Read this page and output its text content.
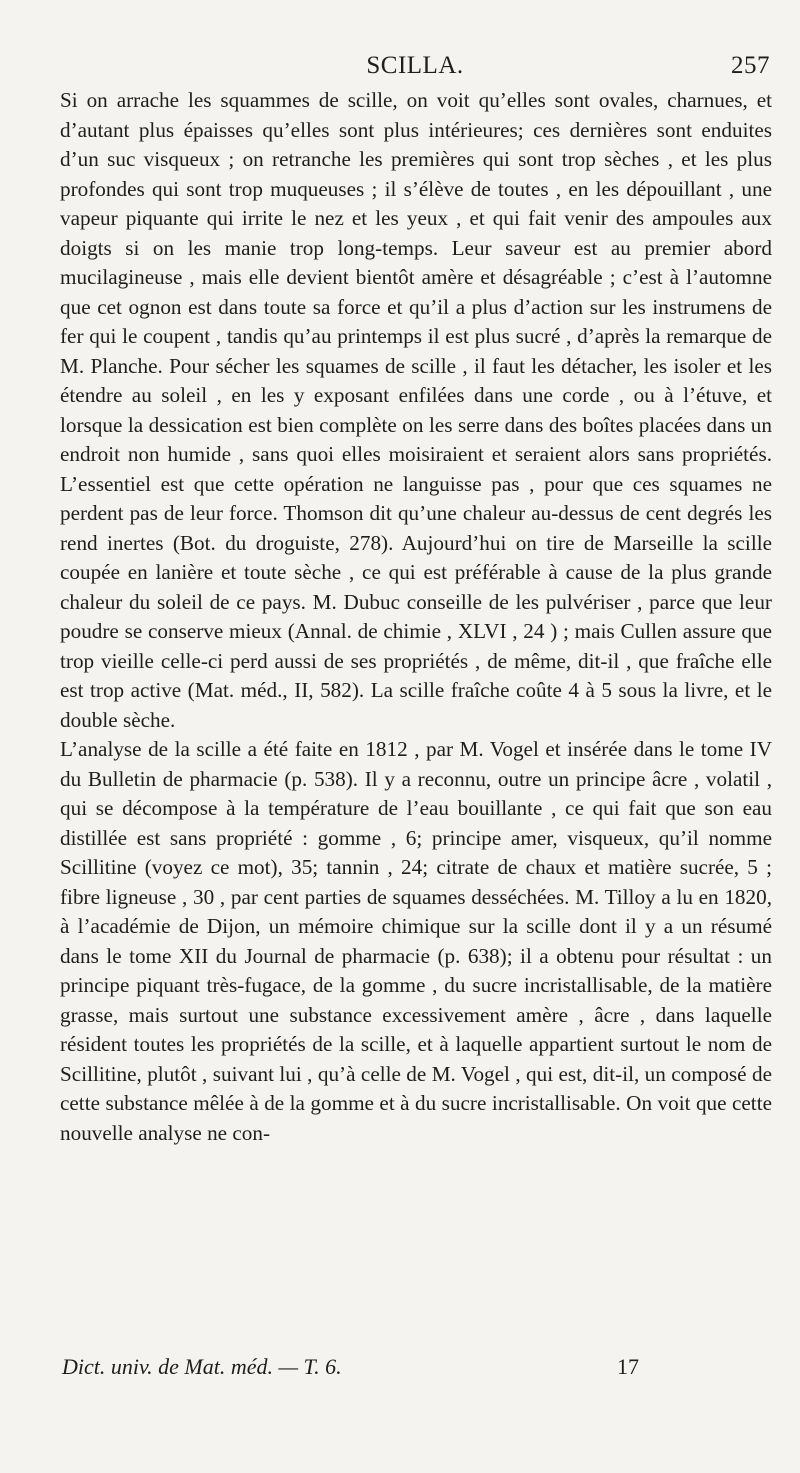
SCILLA.	257

Si on arrache les squammes de scille, on voit qu’elles sont ovales, charnues, et d’autant plus épaisses qu’elles sont plus intérieures; ces dernières sont enduites d’un suc visqueux ; on retranche les premières qui sont trop sèches , et les plus profondes qui sont trop muqueuses ; il s’élève de toutes , en les dépouillant , une vapeur piquante qui irrite le nez et les yeux , et qui fait venir des ampoules aux doigts si on les manie trop long-temps. Leur saveur est au premier abord mucilagineuse , mais elle devient bientôt amère et désagréable ; c’est à l’automne que cet ognon est dans toute sa force et qu’il a plus d’action sur les instrumens de fer qui le coupent , tandis qu’au printemps il est plus sucré , d’après la remarque de M. Planche. Pour sécher les squames de scille , il faut les détacher, les isoler et les étendre au soleil , en les y exposant enfilées dans une corde , ou à l’étuve, et lorsque la dessication est bien complète on les serre dans des boîtes placées dans un endroit non humide , sans quoi elles moisiraient et seraient alors sans propriétés. L’essentiel est que cette opération ne languisse pas , pour que ces squames ne perdent pas de leur force. Thomson dit qu’une chaleur au-dessus de cent degrés les rend inertes (Bot. du droguiste, 278). Aujourd’hui on tire de Marseille la scille coupée en lanière et toute sèche , ce qui est préférable à cause de la plus grande chaleur du soleil de ce pays. M. Dubuc conseille de les pulvériser , parce que leur poudre se conserve mieux (Annal. de chimie , XLVI , 24 ) ; mais Cullen assure que trop vieille celle-ci perd aussi de ses propriétés , de même, dit-il , que fraîche elle est trop active (Mat. méd., II, 582). La scille fraîche coûte 4 à 5 sous la livre, et le double sèche.

L’analyse de la scille a été faite en 1812 , par M. Vogel et insérée dans le tome IV du Bulletin de pharmacie (p. 538). Il y a reconnu, outre un principe âcre , volatil , qui se décompose à la température de l’eau bouillante , ce qui fait que son eau distillée est sans propriété : gomme , 6; principe amer, visqueux, qu’il nomme Scillitine (voyez ce mot), 35; tannin , 24; citrate de chaux et matière sucrée, 5 ; fibre ligneuse , 30 , par cent parties de squames desséchées. M. Tilloy a lu en 1820, à l’académie de Dijon, un mémoire chimique sur la scille dont il y a un résumé dans le tome XII du Journal de pharmacie (p. 638); il a obtenu pour résultat : un principe piquant très-fugace, de la gomme , du sucre incristallisable, de la matière grasse, mais surtout une substance excessivement amère , âcre , dans laquelle résident toutes les propriétés de la scille, et à laquelle appartient surtout le nom de Scillitine, plutôt , suivant lui , qu’à celle de M. Vogel , qui est, dit-il, un composé de cette substance mêlée à de la gomme et à du sucre incristallisable. On voit que cette nouvelle analyse ne con-

Dict. univ. de Mat. méd. — T. 6.	17
